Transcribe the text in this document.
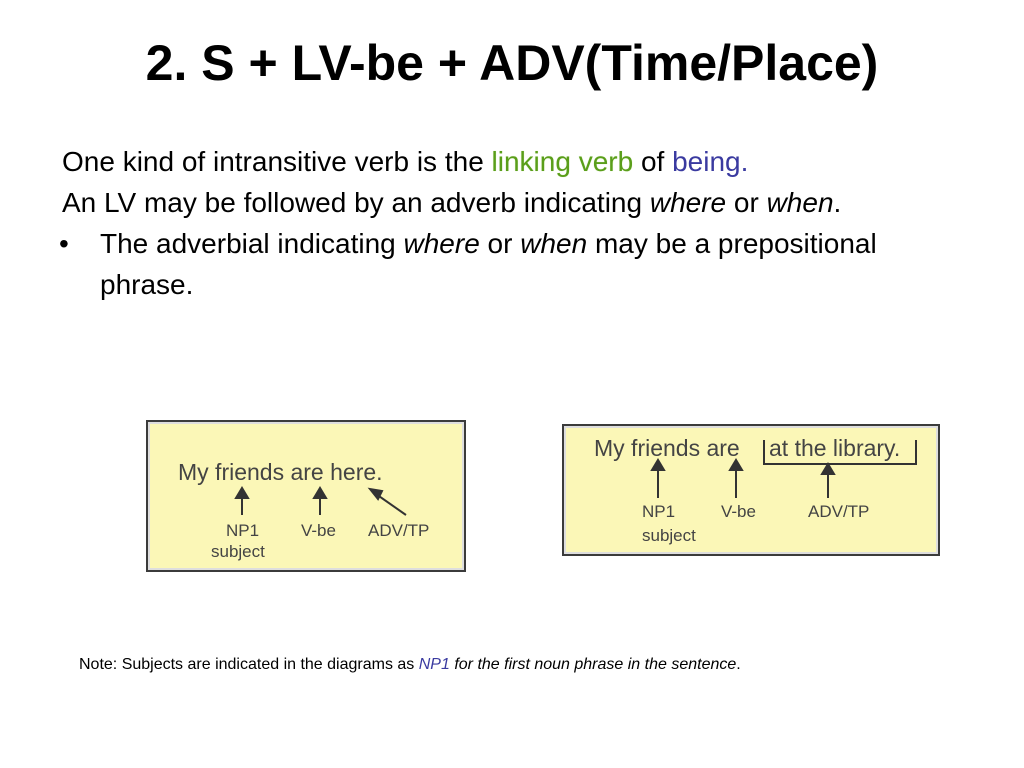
2. S + LV-be + ADV(Time/Place)

One kind of intransitive verb is the linking verb of being.

An LV may be followed by an adverb indicating where or when.

• The adverbial indicating where or when may be a prepositional phrase.

My friends are here.
NP1
subject
V-be ADV/TP
My friends are at the library.
NP1
subject
V-be	ADV/TP
Note: Subjects are indicated in the diagrams as NP1 for the first noun phrase in the sentence.
